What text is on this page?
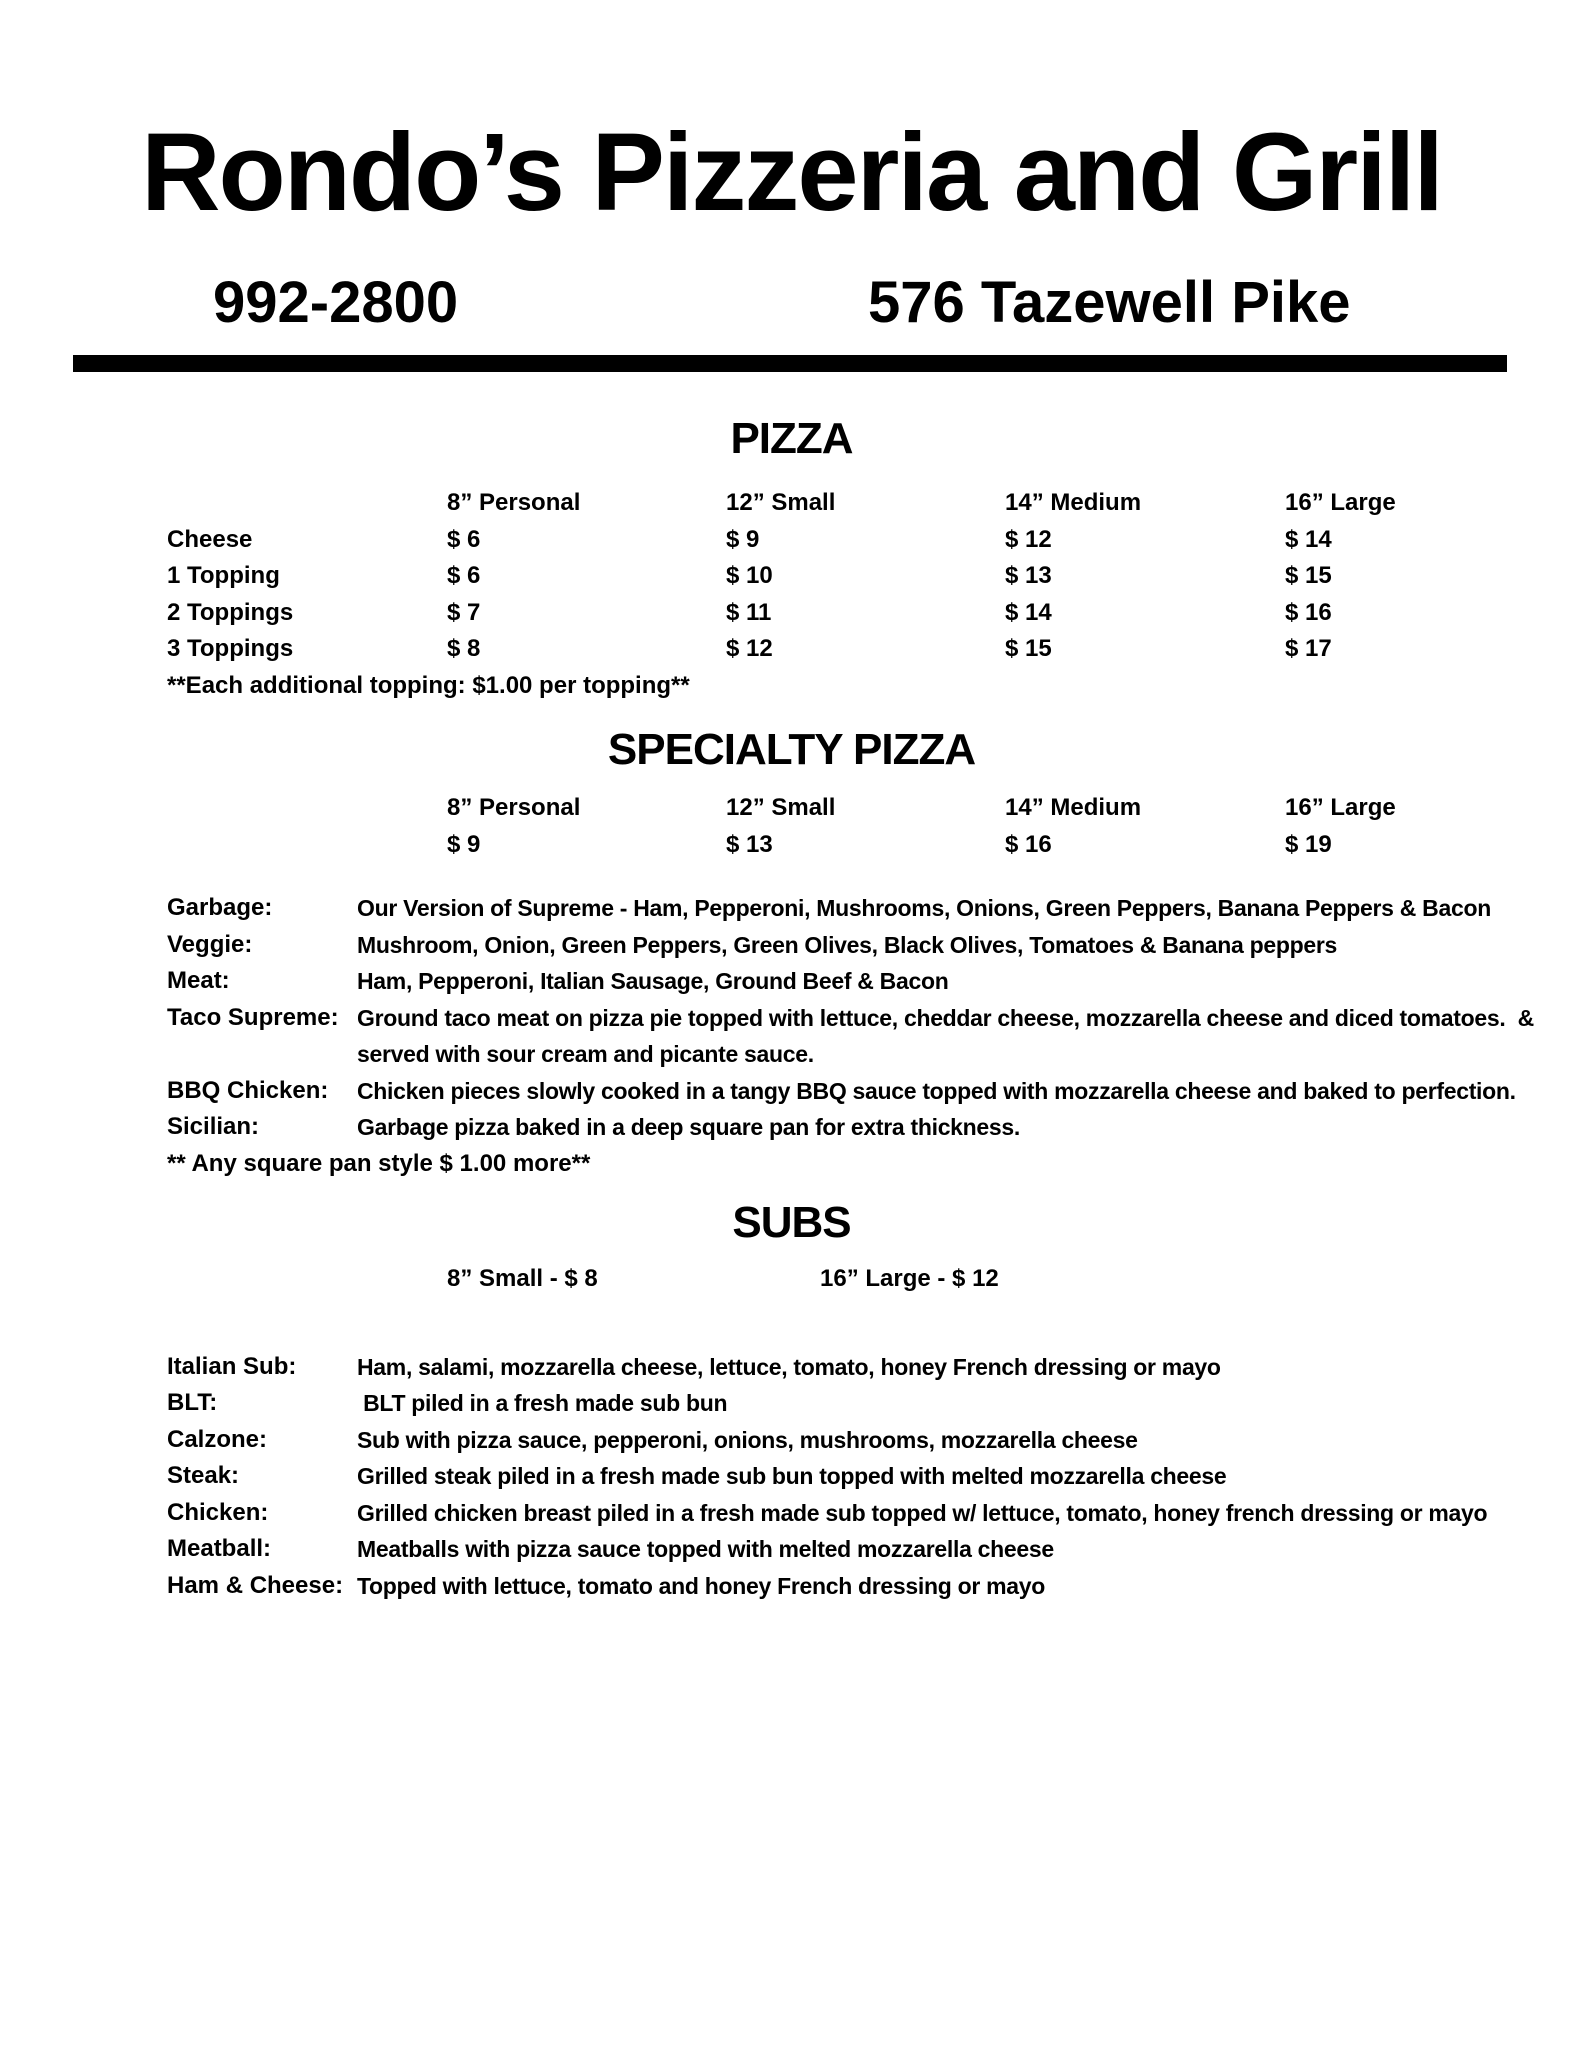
Rondo’s Pizzeria and Grill
992-2800	576 Tazewell Pike
PIZZA
8” Personal	12” Small	14” Medium	16” Large
Cheese	$ 6	$ 9	$ 12	$ 14
1 Topping	$ 6	$ 10	$ 13	$ 15
2 Toppings	$ 7	$ 11	$ 14	$ 16
3 Toppings	$ 8	$ 12	$ 15	$ 17

**Each additional topping: $1.00 per topping**

SPECIALTY PIZZA
8” Personal	12” Small	14” Medium	16” Large
$ 9	$ 13	$ 16	$ 19
Garbage:	Our Version of Supreme - Ham, Pepperoni, Mushrooms, Onions, Green Peppers, Banana Peppers & Bacon
Veggie:	Mushroom, Onion, Green Peppers, Green Olives, Black Olives, Tomatoes & Banana peppers
Meat:	Ham, Pepperoni, Italian Sausage, Ground Beef & Bacon
Taco Supreme: Ground taco meat on pizza pie topped with lettuce, cheddar cheese, mozzarella cheese and diced tomatoes.  & served with sour cream and picante sauce.
BBQ Chicken:	Chicken pieces slowly cooked in a tangy BBQ sauce topped with mozzarella cheese and baked to perfection.
Sicilian:	Garbage pizza baked in a deep square pan for extra thickness.

** Any square pan style $ 1.00 more**

SUBS
8” Small - $ 8	16” Large - $ 12
Italian Sub:	Ham, salami, mozzarella cheese, lettuce, tomato, honey French dressing or mayo
BLT:	BLT piled in a fresh made sub bun
Calzone:	Sub with pizza sauce, pepperoni, onions, mushrooms, mozzarella cheese
Steak:	Grilled steak piled in a fresh made sub bun topped with melted mozzarella cheese
Chicken:	Grilled chicken breast piled in a fresh made sub topped w/ lettuce, tomato, honey french dressing or mayo
Meatball:	Meatballs with pizza sauce topped with melted mozzarella cheese
Ham & Cheese: Topped with lettuce, tomato and honey French dressing or mayo
